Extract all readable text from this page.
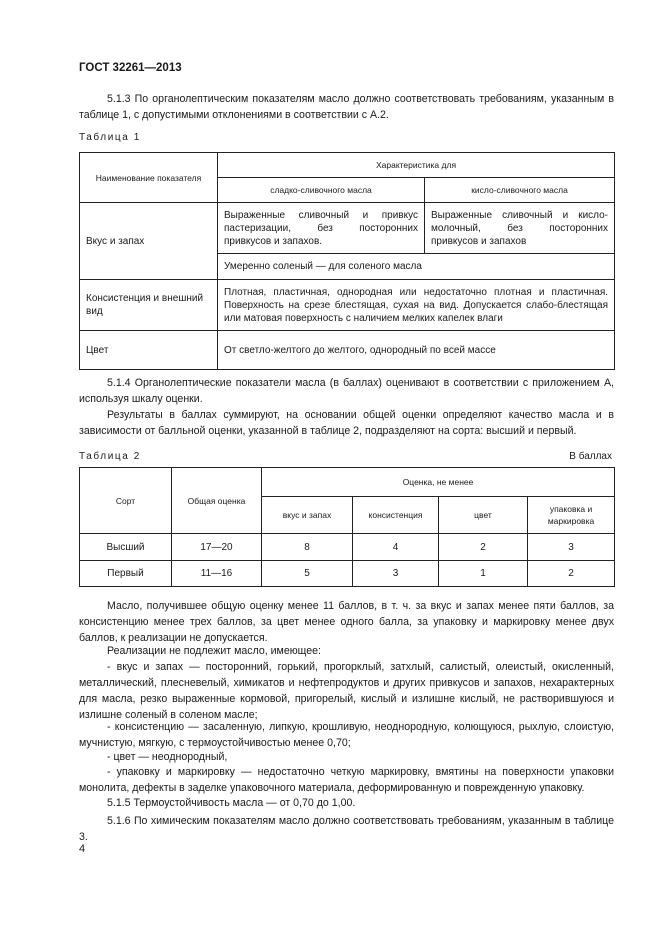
ГОСТ 32261—2013

5.1.3 По органолептическим показателям масло должно соответствовать требованиям, указанным в таблице 1, с допустимыми отклонениями в соответствии с А.2.

Таблица 1
Наименование показателя	Характеристика для	
	сладко-сливочного масла	кисло-сливочного масла
Вкус и запах	Выраженные сливочный и привкус пастеризации, без посторонних привкусов и запахов.	Выраженные сливочный и кисло-молочный, без посторонних привкусов и запахов
	Умеренно соленый — для соленого масла	
Консистенция и внешний вид	Плотная, пластичная, однородная или недостаточно плотная и пластичная. Поверхность на срезе блестящая, сухая на вид. Допускается слабо-блестящая или матовая поверхность с наличием мелких капелек влаги	
Цвет	От светло-желтого до желтого, однородный по всей массе	

5.1.4 Органолептические показатели масла (в баллах) оценивают в соответствии с приложением А, используя шкалу оценки.

Результаты в баллах суммируют, на основании общей оценки определяют качество масла и в зависимости от балльной оценки, указанной в таблице 2, подразделяют на сорта: высший и первый.

Таблица 2	В баллах
Сорт	Общая оценка	Оценка, не менее			
		вкус и запах	консистенция	цвет	упаковка и маркировка
Высший	17—20	8	4	2	3
Первый	11—16	5	3	1	2

Масло, получившее общую оценку менее 11 баллов, в т. ч. за вкус и запах менее пяти баллов, за консистенцию менее трех баллов, за цвет менее одного балла, за упаковку и маркировку менее двух баллов, к реализации не допускается.

Реализации не подлежит масло, имеющее:

- вкус и запах — посторонний, горький, прогорклый, затхлый, салистый, олеистый, окисленный, металлический, плесневелый, химикатов и нефтепродуктов и других привкусов и запахов, нехарактерных для масла, резко выраженные кормовой, пригорелый, кислый и излишне кислый, не растворившуюся и излишне соленый в соленом масле;

- консистенцию — засаленную, липкую, крошливую, неоднородную, колющуюся, рыхлую, слоистую, мучнистую, мягкую, с термоустойчивостью менее 0,70;

- цвет — неоднородный,

- упаковку и маркировку — недостаточно четкую маркировку, вмятины на поверхности упаковки монолита, дефекты в заделке упаковочного материала, деформированную и поврежденную упаковку.

5.1.5 Термоустойчивость масла — от 0,70 до 1,00.

5.1.6 По химическим показателям масло должно соответствовать требованиям, указанным в таблице 3.

4
